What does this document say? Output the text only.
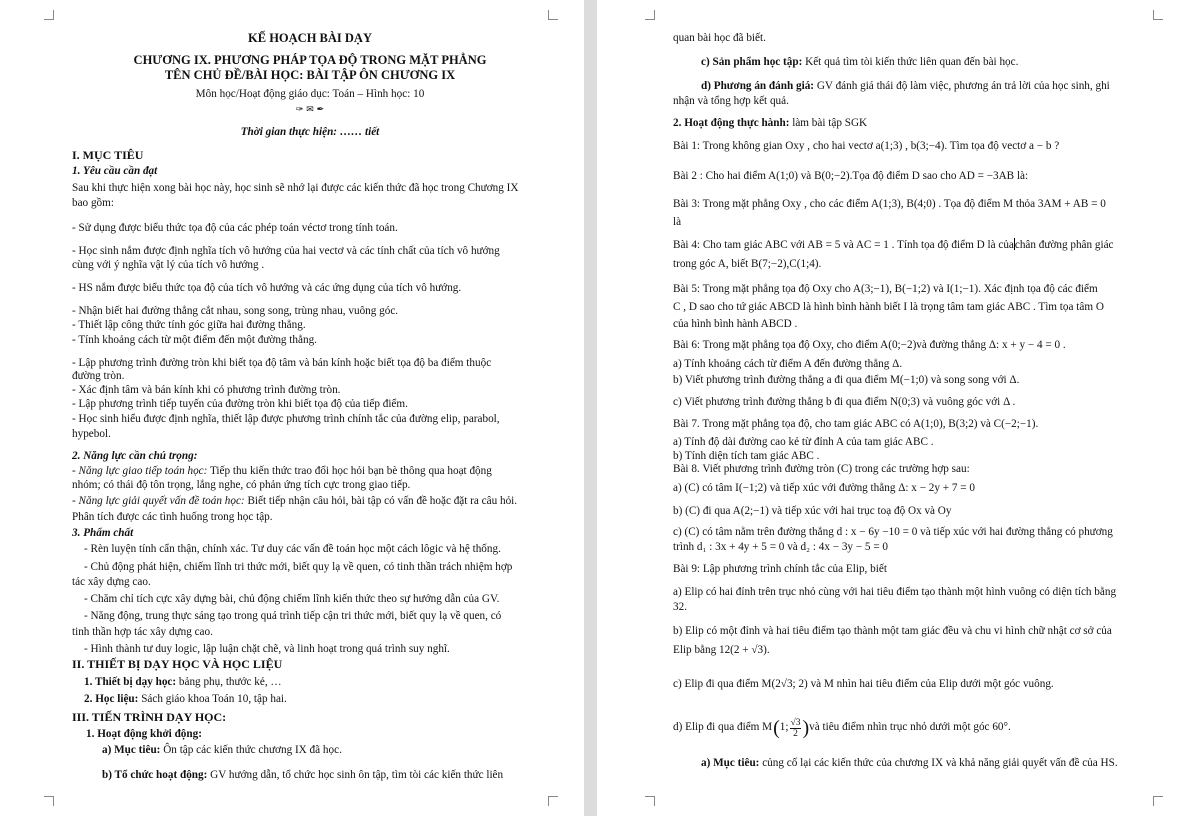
KẾ HOẠCH BÀI DẠY
CHƯƠNG IX. PHƯƠNG PHÁP TỌA ĐỘ TRONG MẶT PHẲNG
TÊN CHỦ ĐỀ/BÀI HỌC: BÀI TẬP ÔN CHƯƠNG IX
Môn học/Hoạt động giáo dục: Toán – Hình học: 10
✑ ✉ ✒
Thời gian thực hiện: …… tiết
I. MỤC TIÊU
1. Yêu cầu cần đạt
Sau khi thực hiện xong bài học này, học sinh sẽ nhớ lại được các kiến thức đã học trong Chương IX
bao gồm:
- Sử dụng được biểu thức tọa độ của các phép toán véctơ trong tính toán.
- Học sinh nắm được định nghĩa tích vô hướng của hai vectơ và các tính chất của tích vô hướng
cùng với ý nghĩa vật lý của tích vô hướng .
- HS nắm được biểu thức tọa độ của tích vô hướng và các ứng dụng của tích vô hướng.
- Nhận biết hai đường thẳng cắt nhau, song song, trùng nhau, vuông góc.
- Thiết lập công thức tính góc giữa hai đường thẳng.
- Tính khoảng cách từ một điểm đến một đường thẳng.
- Lập phương trình đường tròn khi biết tọa độ tâm và bán kính hoặc biết tọa độ ba điểm thuộc
đường tròn.
- Xác định tâm và bán kính khi có phương trình đường tròn.
- Lập phương trình tiếp tuyến của đường tròn khi biết tọa độ của tiếp điểm.
- Học sinh hiểu được định nghĩa, thiết lập được phương trình chính tắc của đường elip, parabol,
hypebol.
2. Năng lực cần chú trọng:
- Năng lực giao tiếp toán học: Tiếp thu kiến thức trao đổi học hỏi bạn bè thông qua hoạt động
nhóm; có thái độ tôn trọng, lắng nghe, có phản ứng tích cực trong giao tiếp.
- Năng lực giải quyết vấn đề toán học: Biết tiếp nhận câu hỏi, bài tập có vấn đề hoặc đặt ra câu hỏi.
Phân tích được các tình huống trong học tập.
3. Phẩm chất
- Rèn luyện tính cẩn thận, chính xác. Tư duy các vấn đề toán học một cách lôgic và hệ thống.
- Chủ động phát hiện, chiếm lĩnh tri thức mới, biết quy lạ về quen, có tinh thần trách nhiệm hợp
tác xây dựng cao.
- Chăm chỉ tích cực xây dựng bài, chủ động chiếm lĩnh kiến thức theo sự hướng dẫn của GV.
- Năng động, trung thực sáng tạo trong quá trình tiếp cận tri thức mới, biết quy lạ về quen, có
tinh thần hợp tác xây dựng cao.
- Hình thành tư duy logic, lập luận chặt chẽ, và linh hoạt trong quá trình suy nghĩ.
II. THIẾT BỊ DẠY HỌC VÀ HỌC LIỆU
1. Thiết bị dạy học: bảng phụ, thước kẻ, …
2. Học liệu: Sách giáo khoa Toán 10, tập hai.
III. TIẾN TRÌNH DẠY HỌC:
1. Hoạt động khởi động:
a) Mục tiêu: Ôn tập các kiến thức chương IX đã học.
b) Tổ chức hoạt động: GV hướng dẫn, tổ chức học sinh ôn tập, tìm tòi các kiến thức liên
quan bài học đã biết.
c) Sản phẩm học tập: Kết quả tìm tòi kiến thức liên quan đến bài học.
d) Phương án đánh giá: GV đánh giá thái độ làm việc, phương án trả lời của học sinh, ghi
nhận và tổng hợp kết quả.
2. Hoạt động thực hành: làm bài tập SGK
Bài 1: Trong không gian Oxy , cho hai vectơ a(1;3) , b(3;−4). Tìm tọa độ vectơ a − b ?
Bài 2 : Cho hai điểm A(1;0) và B(0;−2).Tọa độ điểm D sao cho AD = −3AB là:
Bài 3: Trong mặt phẳng Oxy , cho các điểm A(1;3), B(4;0) . Tọa độ điểm M thỏa 3AM + AB = 0
là
Bài 4: Cho tam giác ABC với AB = 5 và AC = 1 . Tính tọa độ điểm D là củachân đường phân giác
trong góc A, biết B(7;−2),C(1;4).
Bài 5: Trong mặt phẳng tọa độ Oxy cho A(3;−1), B(−1;2) và I(1;−1). Xác định tọa độ các điểm
C , D sao cho tứ giác ABCD là hình bình hành biết I là trọng tâm tam giác ABC . Tìm tọa tâm O
của hình bình hành ABCD .
Bài 6: Trong mặt phẳng tọa độ Oxy, cho điểm A(0;−2)và đường thẳng Δ: x + y − 4 = 0 .
a) Tính khoảng cách từ điểm A đến đường thẳng Δ.
b) Viết phương trình đường thẳng a đi qua điểm M(−1;0) và song song với Δ.
c) Viết phương trình đường thẳng b đi qua điểm N(0;3) và vuông góc với Δ .
Bài 7. Trong mặt phẳng tọa độ, cho tam giác ABC có A(1;0), B(3;2) và C(−2;−1).
a) Tính độ dài đường cao kẻ từ đỉnh A của tam giác ABC .
b) Tính diện tích tam giác ABC .
Bài 8. Viết phương trình đường tròn (C) trong các trường hợp sau:
a) (C) có tâm I(−1;2) và tiếp xúc với đường thẳng Δ: x − 2y + 7 = 0
b) (C) đi qua A(2;−1) và tiếp xúc với hai trục toạ độ Ox và Oy
c) (C) có tâm nằm trên đường thẳng d : x − 6y −10 = 0 và tiếp xúc với hai đường thẳng có phương
trình d₁ : 3x + 4y + 5 = 0 và d₂ : 4x − 3y − 5 = 0
Bài 9: Lập phương trình chính tắc của Elip, biết
a) Elip có hai đỉnh trên trục nhỏ cùng với hai tiêu điểm tạo thành một hình vuông có diện tích bằng
32.
b) Elip có một đỉnh và hai tiêu điểm tạo thành một tam giác đều và chu vi hình chữ nhật cơ sở của
Elip bằng 12(2 + √3).
c) Elip đi qua điểm M(2√3; 2) và M nhìn hai tiêu điểm của Elip dưới một góc vuông.
d) Elip đi qua điểm M ( 1; $\frac{√3}{2}$ ) và tiêu điểm nhìn trục nhỏ dưới một góc 60°.
a) Mục tiêu: củng cố lại các kiến thức của chương IX và khả năng giải quyết vấn đề của HS.
